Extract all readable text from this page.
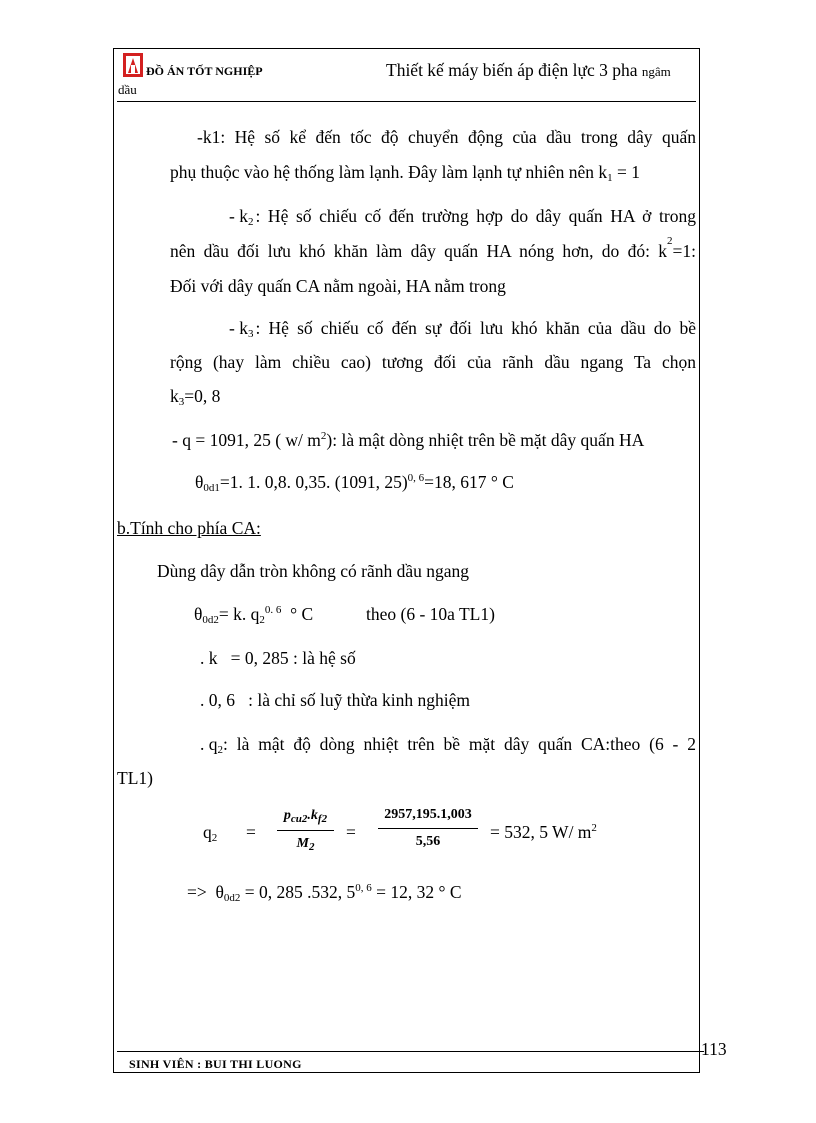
ĐỒ ÁN TỐT NGHIỆP	Thiết kế máy biến áp điện lực 3 pha ngâm
dầu
-k1: Hệ số kể đến tốc độ chuyển động của dầu trong dây quấn
phụ thuộc vào hệ thống làm lạnh. Đây làm lạnh tự nhiên nên $k_1 = 1$
- $k_2$ : Hệ số chiếu cố đến trường hợp do dây quấn HA ở trong
nên dầu đối lưu khó khăn làm dây quấn HA nóng hơn, do đó: k 2 =1:
Đối với dây quấn CA nằm ngoài, HA nằm trong
- $k_3$ : Hệ số chiếu cố đến sự đối lưu khó khăn của dầu do bề
rộng (hay làm chiều cao) tương đối của rãnh dầu ngang Ta chọn
$k_3=0$, 8
- q = 1091, 25 ( w/ $m^2$): là mật dòng nhiệt trên bề mặt dây quấn HA
$\theta_{0d1}=1$. 1. 0,8. 0,35. (1091, 25)$^{0, 6}$=18, 617 ° C
b.Tính cho phía CA:
Dùng dây dẫn tròn không có rãnh dầu ngang
$\theta_{0d2}= k$. $q_2^{0. 6}$ ° C	theo (6 - 10a TL1)
. k   = 0, 285 : là hệ số
. 0, 6   : là chỉ số luỹ thừa kinh nghiệm
. $q_2$ : là mật độ dòng nhiệt trên bề mặt dây quấn CA:theo (6 - 2
TL1)
$q_2$ =
$p_{cu2}.k_{f2}$
$M_2$
=
2957,195.1,003
5,56	= 532, 5 W/ $m^2$
=> $\theta_{0d2} = 0$, 285 .532, $5^{0, 6} = 12$, 32 ° C
113
SINH VIÊN : BUI THI LUONG
